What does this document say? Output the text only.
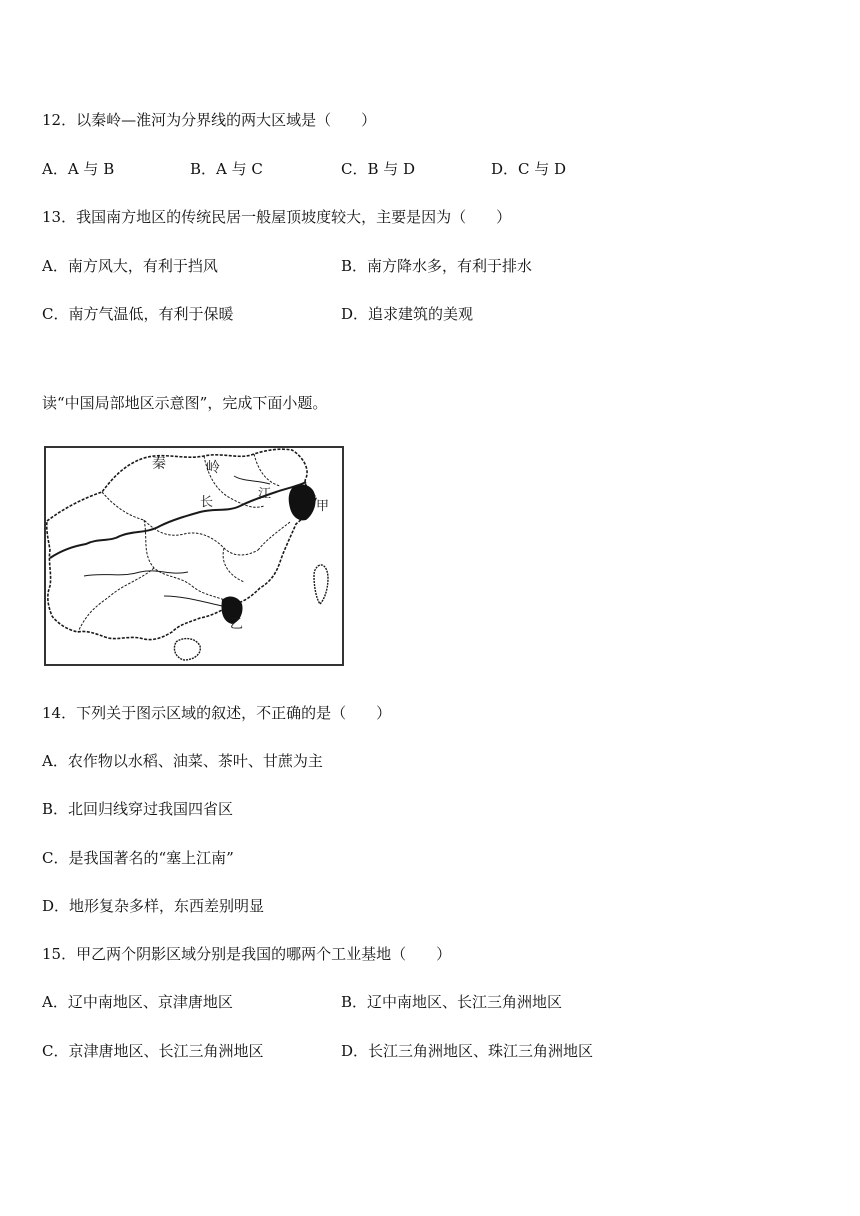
12．以秦岭—淮河为分界线的两大区域是（　　）
A．A 与 B	B．A 与 C	C．B 与 D	D．C 与 D
13．我国南方地区的传统民居一般屋顶坡度较大，主要是因为（　　）
A．南方风大，有利于挡风	B．南方降水多，有利于排水
C．南方气温低，有利于保暖	D．追求建筑的美观
读“中国局部地区示意图”，完成下面小题。
秦	岭
长
江
甲
乙
14．下列关于图示区域的叙述，不正确的是（　　）
A．农作物以水稻、油菜、茶叶、甘蔗为主
B．北回归线穿过我国四省区
C．是我国著名的“塞上江南”
D．地形复杂多样，东西差别明显
15．甲乙两个阴影区域分别是我国的哪两个工业基地（　　）
A．辽中南地区、京津唐地区	B．辽中南地区、长江三角洲地区
C．京津唐地区、长江三角洲地区	D．长江三角洲地区、珠江三角洲地区
